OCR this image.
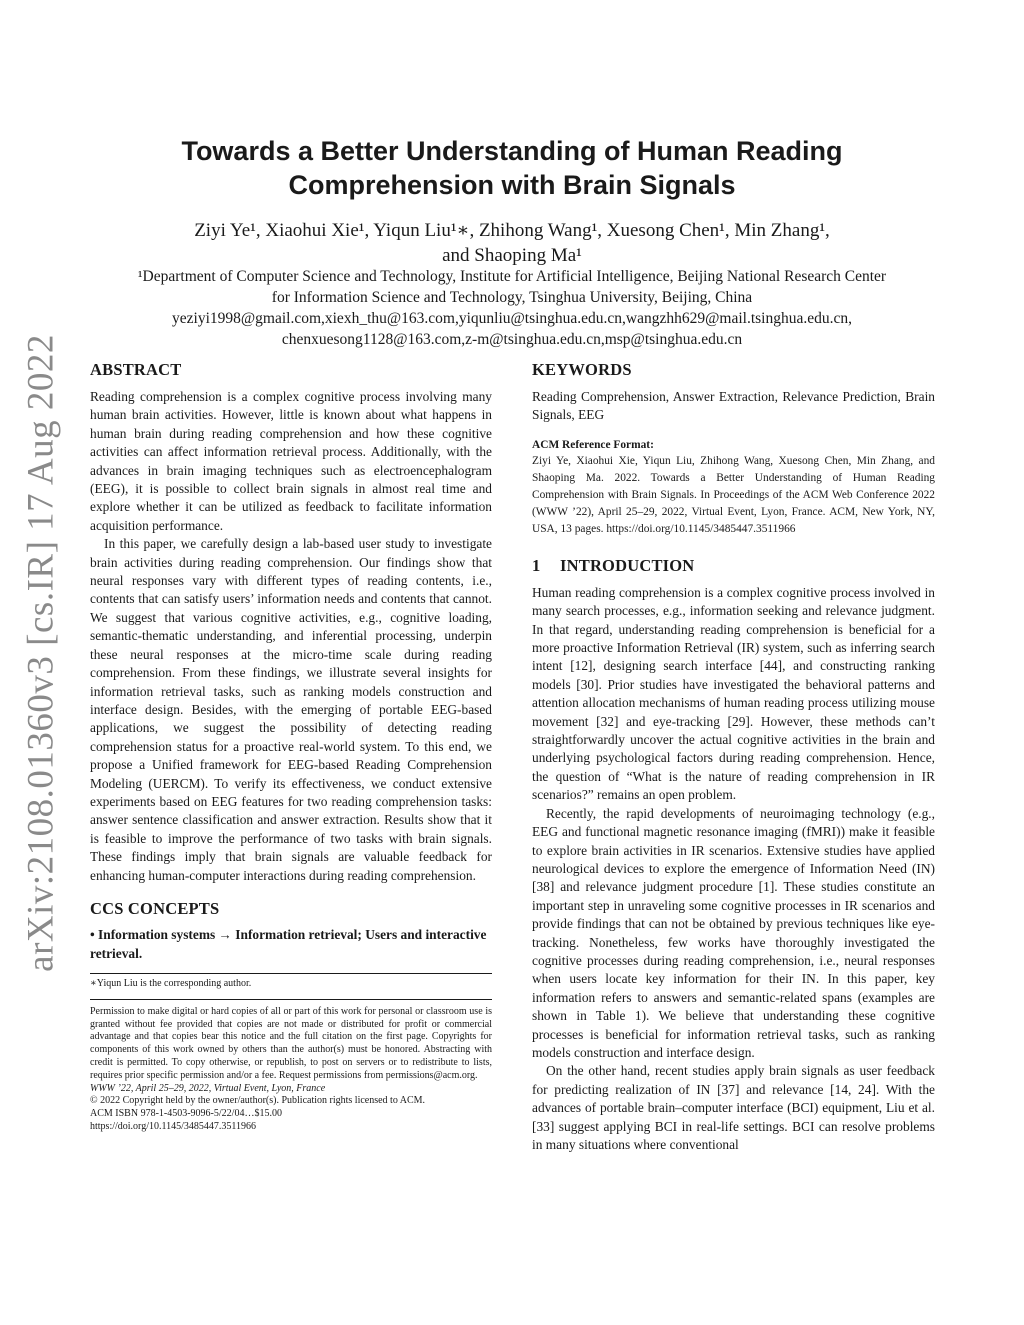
arXiv:2108.01360v3 [cs.IR] 17 Aug 2022
Towards a Better Understanding of Human Reading
Comprehension with Brain Signals
Ziyi Ye¹, Xiaohui Xie¹, Yiqun Liu¹∗, Zhihong Wang¹, Xuesong Chen¹, Min Zhang¹,
and Shaoping Ma¹
¹Department of Computer Science and Technology, Institute for Artificial Intelligence, Beijing National Research Center
for Information Science and Technology, Tsinghua University, Beijing, China
yeziyi1998@gmail.com,xiexh_thu@163.com,yiqunliu@tsinghua.edu.cn,wangzhh629@mail.tsinghua.edu.cn,
chenxuesong1128@163.com,z-m@tsinghua.edu.cn,msp@tsinghua.edu.cn
ABSTRACT

Reading comprehension is a complex cognitive process involving many human brain activities. However, little is known about what happens in human brain during reading comprehension and how these cognitive activities can affect information retrieval process. Additionally, with the advances in brain imaging techniques such as electroencephalogram (EEG), it is possible to collect brain signals in almost real time and explore whether it can be utilized as feedback to facilitate information acquisition performance.

In this paper, we carefully design a lab-based user study to investigate brain activities during reading comprehension. Our findings show that neural responses vary with different types of reading contents, i.e., contents that can satisfy users’ information needs and contents that cannot. We suggest that various cognitive activities, e.g., cognitive loading, semantic-thematic understanding, and inferential processing, underpin these neural responses at the micro-time scale during reading comprehension. From these findings, we illustrate several insights for information retrieval tasks, such as ranking models construction and interface design. Besides, with the emerging of portable EEG-based applications, we suggest the possibility of detecting reading comprehension status for a proactive real-world system. To this end, we propose a Unified framework for EEG-based Reading Comprehension Modeling (UERCM). To verify its effectiveness, we conduct extensive experiments based on EEG features for two reading comprehension tasks: answer sentence classification and answer extraction. Results show that it is feasible to improve the performance of two tasks with brain signals. These findings imply that brain signals are valuable feedback for enhancing human-computer interactions during reading comprehension.

CCS CONCEPTS

• Information systems → Information retrieval; Users and interactive retrieval.

∗Yiqun Liu is the corresponding author.

Permission to make digital or hard copies of all or part of this work for personal or classroom use is granted without fee provided that copies are not made or distributed for profit or commercial advantage and that copies bear this notice and the full citation on the first page. Copyrights for components of this work owned by others than the author(s) must be honored. Abstracting with credit is permitted. To copy otherwise, or republish, to post on servers or to redistribute to lists, requires prior specific permission and/or a fee. Request permissions from permissions@acm.org.

WWW ’22, April 25–29, 2022, Virtual Event, Lyon, France

© 2022 Copyright held by the owner/author(s). Publication rights licensed to ACM.

ACM ISBN 978-1-4503-9096-5/22/04…$15.00

https://doi.org/10.1145/3485447.3511966

KEYWORDS

Reading Comprehension, Answer Extraction, Relevance Prediction, Brain Signals, EEG

ACM Reference Format:

Ziyi Ye, Xiaohui Xie, Yiqun Liu, Zhihong Wang, Xuesong Chen, Min Zhang, and Shaoping Ma. 2022. Towards a Better Understanding of Human Reading Comprehension with Brain Signals. In Proceedings of the ACM Web Conference 2022 (WWW ’22), April 25–29, 2022, Virtual Event, Lyon, France. ACM, New York, NY, USA, 13 pages. https://doi.org/10.1145/3485447.3511966

1 INTRODUCTION

Human reading comprehension is a complex cognitive process involved in many search processes, e.g., information seeking and relevance judgment. In that regard, understanding reading comprehension is beneficial for a more proactive Information Retrieval (IR) system, such as inferring search intent [12], designing search interface [44], and constructing ranking models [30]. Prior studies have investigated the behavioral patterns and attention allocation mechanisms of human reading process utilizing mouse movement [32] and eye-tracking [29]. However, these methods can’t straightforwardly uncover the actual cognitive activities in the brain and underlying psychological factors during reading comprehension. Hence, the question of “What is the nature of reading comprehension in IR scenarios?” remains an open problem.

Recently, the rapid developments of neuroimaging technology (e.g., EEG and functional magnetic resonance imaging (fMRI)) make it feasible to explore brain activities in IR scenarios. Extensive studies have applied neurological devices to explore the emergence of Information Need (IN) [38] and relevance judgment procedure [1]. These studies constitute an important step in unraveling some cognitive processes in IR scenarios and provide findings that can not be obtained by previous techniques like eye-tracking. Nonetheless, few works have thoroughly investigated the cognitive processes during reading comprehension, i.e., neural responses when users locate key information for their IN. In this paper, key information refers to answers and semantic-related spans (examples are shown in Table 1). We believe that understanding these cognitive processes is beneficial for information retrieval tasks, such as ranking models construction and interface design.

On the other hand, recent studies apply brain signals as user feedback for predicting realization of IN [37] and relevance [14, 24]. With the advances of portable brain–computer interface (BCI) equipment, Liu et al. [33] suggest applying BCI in real-life settings. BCI can resolve problems in many situations where conventional
